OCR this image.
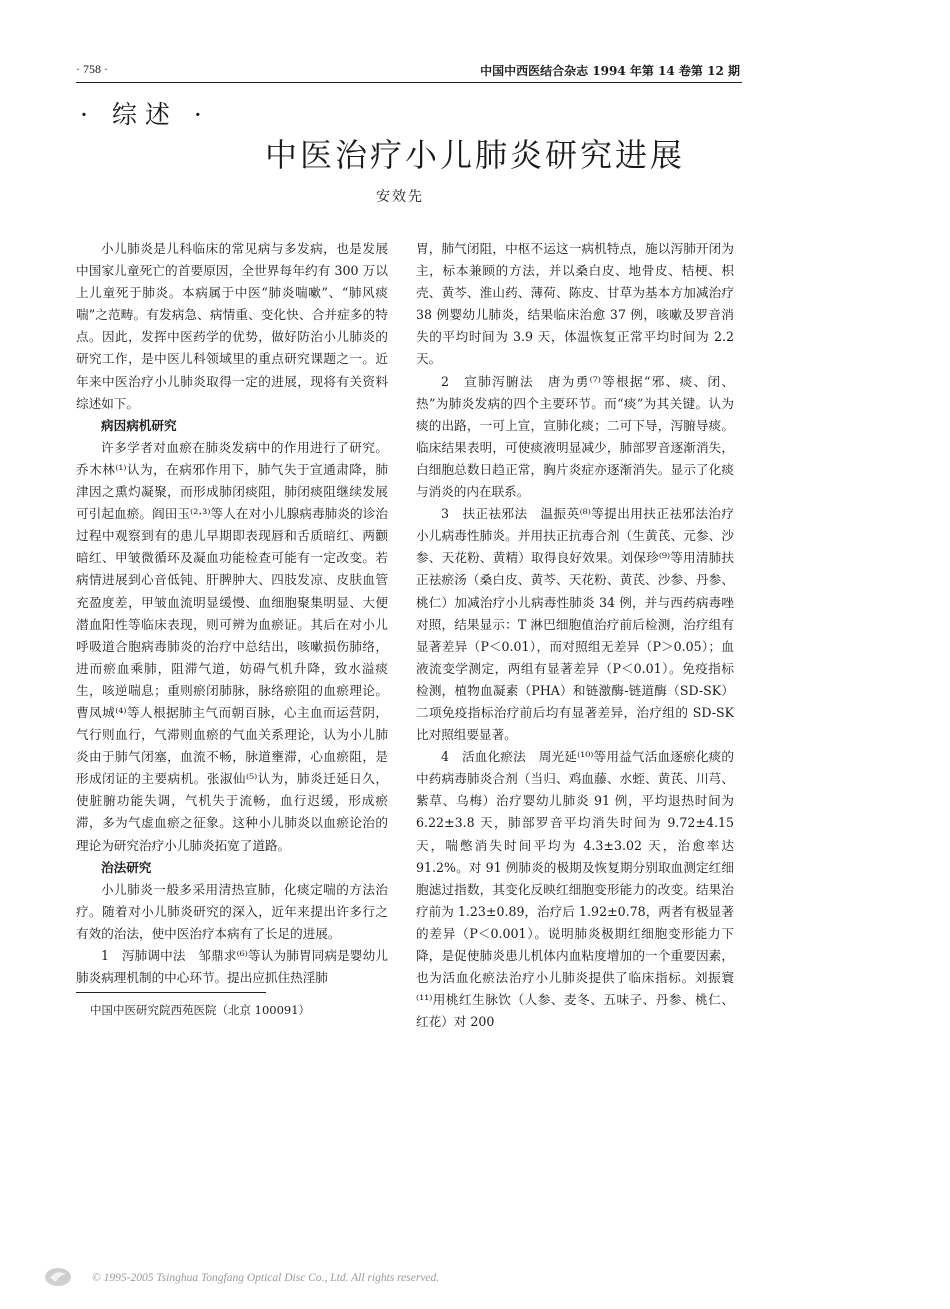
· 758 ·	中国中西医结合杂志 1994 年第 14 卷第 12 期
· 综述 ·
中医治疗小儿肺炎研究进展
安效先

小儿肺炎是儿科临床的常见病与多发病，也是发展中国家儿童死亡的首要原因，全世界每年约有 300 万以上儿童死于肺炎。本病属于中医“肺炎喘嗽”、“肺风痰喘”之范畴。有发病急、病情重、变化快、合并症多的特点。因此，发挥中医药学的优势，做好防治小儿肺炎的研究工作，是中医儿科领域里的重点研究课题之一。近年来中医治疗小儿肺炎取得一定的进展，现将有关资料综述如下。

病因病机研究

许多学者对血瘀在肺炎发病中的作用进行了研究。乔木林⁽¹⁾认为，在病邪作用下，肺气失于宣通肃降，肺津因之熏灼凝聚，而形成肺闭痰阻，肺闭痰阻继续发展可引起血瘀。阎田玉⁽²·³⁾等人在对小儿腺病毒肺炎的诊治过程中观察到有的患儿早期即表现唇和舌质暗红、两颧暗红、甲皱微循环及凝血功能检查可能有一定改变。若病情进展到心音低钝、肝脾肿大、四肢发凉、皮肤血管充盈度差，甲皱血流明显缓慢、血细胞聚集明显、大便潜血阳性等临床表现，则可辨为血瘀证。其后在对小儿呼吸道合胞病毒肺炎的治疗中总结出，咳嗽损伤肺络，进而瘀血乘肺，阻滞气道，妨碍气机升降，致水溢痰生，咳逆喘息；重则瘀闭肺脉，脉络瘀阻的血瘀理论。曹凤城⁽⁴⁾等人根据肺主气而朝百脉，心主血而运营阴，气行则血行，气滞则血瘀的气血关系理论，认为小儿肺炎由于肺气闭塞，血流不畅，脉道壅滞，心血瘀阻，是形成闭证的主要病机。张淑仙⁽⁵⁾认为，肺炎迁延日久，使脏腑功能失调，气机失于流畅，血行迟缓，形成瘀滞，多为气虚血瘀之征象。这种小儿肺炎以血瘀论治的理论为研究治疗小儿肺炎拓宽了道路。

治法研究

小儿肺炎一般多采用清热宣肺，化痰定喘的方法治疗。随着对小儿肺炎研究的深入，近年来提出许多行之有效的治法，使中医治疗本病有了长足的进展。

1　泻肺调中法　邹鼎求⁽⁶⁾等认为肺胃同病是婴幼儿肺炎病理机制的中心环节。提出应抓住热淫肺

胃，肺气闭阻，中枢不运这一病机特点，施以泻肺开闭为主，标本兼顾的方法，并以桑白皮、地骨皮、桔梗、枳壳、黄芩、淮山药、薄荷、陈皮、甘草为基本方加减治疗 38 例婴幼儿肺炎，结果临床治愈 37 例，咳嗽及罗音消失的平均时间为 3.9 天，体温恢复正常平均时间为 2.2 天。

2　宣肺泻腑法　唐为勇⁽⁷⁾等根据“邪、痰、闭、热”为肺炎发病的四个主要环节。而“痰”为其关键。认为痰的出路，一可上宣，宣肺化痰；二可下导，泻腑导痰。临床结果表明，可使痰液明显减少，肺部罗音逐渐消失，白细胞总数日趋正常，胸片炎症亦逐渐消失。显示了化痰与消炎的内在联系。

3　扶正祛邪法　温振英⁽⁸⁾等提出用扶正祛邪法治疗小儿病毒性肺炎。并用扶正抗毒合剂（生黄芪、元参、沙参、天花粉、黄精）取得良好效果。刘保珍⁽⁹⁾等用清肺扶正祛瘀汤（桑白皮、黄芩、天花粉、黄芪、沙参、丹参、桃仁）加减治疗小儿病毒性肺炎 34 例，并与西药病毒唑对照，结果显示：T 淋巴细胞值治疗前后检测，治疗组有显著差异（P＜0.01），而对照组无差异（P＞0.05）；血液流变学测定，两组有显著差异（P＜0.01）。免疫指标检测，植物血凝素（PHA）和链激酶-链道酶（SD-SK）二项免疫指标治疗前后均有显著差异，治疗组的 SD-SK 比对照组要显著。

4　活血化瘀法　周光延⁽¹⁰⁾等用益气活血逐瘀化痰的中药病毒肺炎合剂（当归、鸡血藤、水蛭、黄芪、川芎、紫草、乌梅）治疗婴幼儿肺炎 91 例，平均退热时间为 6.22±3.8 天，肺部罗音平均消失时间为 9.72±4.15 天，喘憋消失时间平均为 4.3±3.02 天，治愈率达 91.2%。对 91 例肺炎的极期及恢复期分别取血测定红细胞滤过指数，其变化反映红细胞变形能力的改变。结果治疗前为 1.23±0.89，治疗后 1.92±0.78，两者有极显著的差异（P＜0.001）。说明肺炎极期红细胞变形能力下降，是促使肺炎患儿机体内血粘度增加的一个重要因素，也为活血化瘀法治疗小儿肺炎提供了临床指标。刘振寰⁽¹¹⁾用桃红生脉饮（人参、麦冬、五味子、丹参、桃仁、红花）对 200

中国中医研究院西苑医院（北京 100091）
© 1995-2005 Tsinghua Tongfang Optical Disc Co., Ltd. All rights reserved.
